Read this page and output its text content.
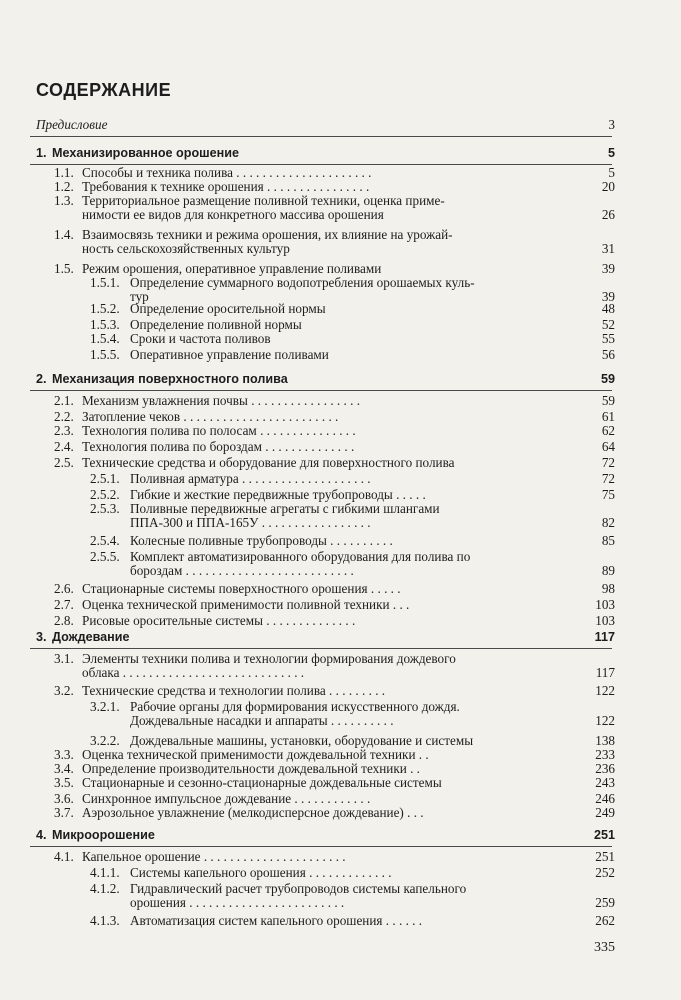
СОДЕРЖАНИЕ
Предисловие	3
1. Механизированное орошение	5
1.1. Способы и техника полива . . . . . . . . . . . . . . . . . . . . .	5
1.2. Требования к технике орошения . . . . . . . . . . . . . . . .	20
1.3. Территориальное размещение поливной техники, оценка приме-
нимости ее видов для конкретного массива орошения	26
1.4. Взаимосвязь техники и режима орошения, их влияние на урожай-
ность сельскохозяйственных культур	31
1.5. Режим орошения, оперативное управление поливами	39
1.5.1. Определение суммарного водопотребления орошаемых куль-
тур	39
1.5.2. Определение оросительной нормы	48
1.5.3. Определение поливной нормы	52
1.5.4. Сроки и частота поливов	55
1.5.5. Оперативное управление поливами	56
2. Механизация поверхностного полива	59
2.1. Механизм увлажнения почвы . . . . . . . . . . . . . . . . .	59
2.2. Затопление чеков . . . . . . . . . . . . . . . . . . . . . . . .	61
2.3. Технология полива по полосам . . . . . . . . . . . . . . .	62
2.4. Технология полива по бороздам . . . . . . . . . . . . . .	64
2.5. Технические средства и оборудование для поверхностного полива	72
2.5.1. Поливная арматура . . . . . . . . . . . . . . . . . . . .	72
2.5.2. Гибкие и жесткие передвижные трубопроводы . . . . .	75
2.5.3. Поливные передвижные агрегаты с гибкими шлангами
ППА-300 и ППА-165У . . . . . . . . . . . . . . . . .	82
2.5.4. Колесные поливные трубопроводы . . . . . . . . . .	85
2.5.5. Комплект автоматизированного оборудования для полива по
бороздам . . . . . . . . . . . . . . . . . . . . . . . . . .	89
2.6. Стационарные системы поверхностного орошения . . . . .	98
2.7. Оценка технической применимости поливной техники . . .	103
2.8. Рисовые оросительные системы . . . . . . . . . . . . . .	103
3. Дождевание	117
3.1. Элементы техники полива и технологии формирования дождевого
облака . . . . . . . . . . . . . . . . . . . . . . . . . . . .	117
3.2. Технические средства и технологии полива . . . . . . . . .	122
3.2.1. Рабочие органы для формирования искусственного дождя.
Дождевальные насадки и аппараты . . . . . . . . . .	122
3.2.2. Дождевальные машины, установки, оборудование и системы	138
3.3. Оценка технической применимости дождевальной техники . .	233
3.4. Определение производительности дождевальной техники . .	236
3.5. Стационарные и сезонно-стационарные дождевальные системы	243
3.6. Синхронное импульсное дождевание . . . . . . . . . . . .	246
3.7. Аэрозольное увлажнение (мелкодисперсное дождевание) . . .	249
4. Микроорошение	251
4.1. Капельное орошение . . . . . . . . . . . . . . . . . . . . . .	251
4.1.1. Системы капельного орошения . . . . . . . . . . . . .	252
4.1.2. Гидравлический расчет трубопроводов системы капельного
орошения . . . . . . . . . . . . . . . . . . . . . . . .	259
4.1.3. Автоматизация систем капельного орошения . . . . . .	262
335
